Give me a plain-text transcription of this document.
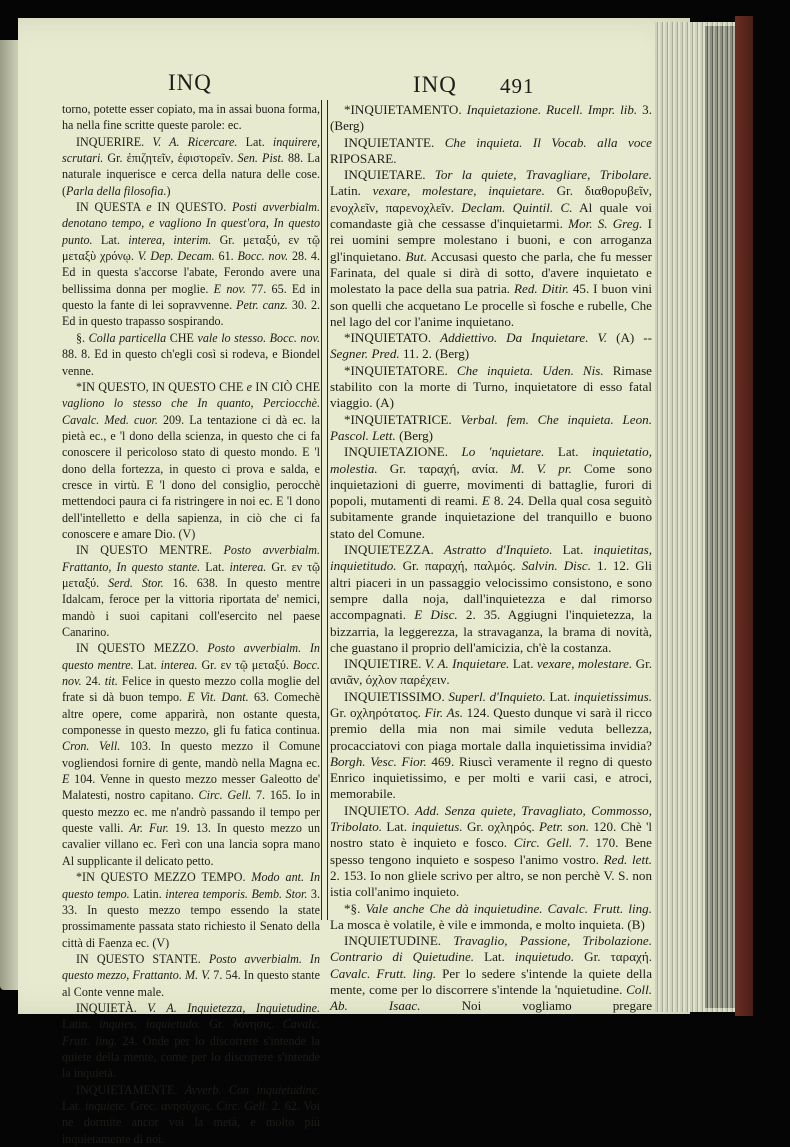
INQ	INQ 491

torno, potette esser copiato, ma in assai buona forma, ha nella fine scritte queste parole: ec.

INQUERIRE. V. A. Ricercare. Lat. inquirere, scrutari. Gr. ἐπιζητεῖν, ἐφιστορεῖν. Sen. Pist. 88. La naturale inquerisce e cerca della natura delle cose. (Parla della filosofia.)

IN QUESTA e IN QUESTO. Posti avverbialm. denotano tempo, e vagliono In quest'ora, In questo punto. Lat. interea, interim. Gr. μεταξύ, εν τῷ μεταξὺ χρόνῳ. V. Dep. Decam. 61. Bocc. nov. 28. 4. Ed in questa s'accorse l'abate, Ferondo avere una bellissima donna per moglie. E nov. 77. 65. Ed in questo la fante di lei sopravvenne. Petr. canz. 30. 2. Ed in questo trapasso sospirando.

§. Colla particella CHE vale lo stesso. Bocc. nov. 88. 8. Ed in questo ch'egli così si rodeva, e Biondel venne.

*IN QUESTO, IN QUESTO CHE e IN CIÒ CHE vagliono lo stesso che In quanto, Perciocchè. Cavalc. Med. cuor. 209. La tentazione ci dà ec. la pietà ec., e 'l dono della scienza, in questo che ci fa conoscere il pericoloso stato di questo mondo. E 'l dono della fortezza, in questo ci prova e salda, e cresce in virtù. E 'l dono del consiglio, perocchè mettendoci paura ci fa ristringere in noi ec. E 'l dono dell'intelletto e della sapienza, in ciò che ci fa conoscere e amare Dio. (V)

IN QUESTO MENTRE. Posto avverbialm. Frattanto, In questo stante. Lat. interea. Gr. εν τῷ μεταξύ. Serd. Stor. 16. 638. In questo mentre Idalcam, feroce per la vittoria riportata de' nemici, mandò i suoi capitani coll'esercito nel paese Canarino.

IN QUESTO MEZZO. Posto avverbialm. In questo mentre. Lat. interea. Gr. εν τῷ μεταξύ. Bocc. nov. 24. tit. Felice in questo mezzo colla moglie del frate si dà buon tempo. E Vit. Dant. 63. Comechè altre opere, come apparirà, non ostante questa, componesse in questo mezzo, gli fu fatica continua. Cron. Vell. 103. In questo mezzo il Comune vogliendosi fornire di gente, mandò nella Magna ec. E 104. Venne in questo mezzo messer Galeotto de' Malatesti, nostro capitano. Circ. Gell. 7. 165. Io in questo mezzo ec. me n'andrò passando il tempo per queste valli. Ar. Fur. 19. 13. In questo mezzo un cavalier villano ec. Ferì con una lancia sopra mano Al supplicante il delicato petto.

*IN QUESTO MEZZO TEMPO. Modo ant. In questo tempo. Latin. interea temporis. Bemb. Stor. 3. 33. In questo mezzo tempo essendo la state prossimamente passata stato richiesto il Senato della città di Faenza ec. (V)

IN QUESTO STANTE. Posto avverbialm. In questo mezzo, Frattanto. M. V. 7. 54. In questo stante al Conte venne male.

INQUIETÀ. V. A. Inquietezza, Inquietudine. Latin. inquies, inquietudo. Gr. δόνησις. Cavalc. Frutt. ling. 24. Onde per lo discorrere s'intende la quiete della mente, come per lo discorrere s'intende la inquietà.

INQUIETAMENTE. Avverb. Con inquietudine. Lat. inquiete. Grec. ανησύχως. Circ. Gell. 2. 62. Voi ne dormite ancor voi la metà, e molto più inquietamente di noi.

*INQUIETAMENTO. Inquietazione. Rucell. Impr. lib. 3. (Berg)

INQUIETANTE. Che inquieta. Il Vocab. alla voce RIPOSARE.

INQUIETARE. Tor la quiete, Travagliare, Tribolare. Latin. vexare, molestare, inquietare. Gr. διαθορυβεῖν, ενοχλεῖν, παρενοχλεῖν. Declam. Quintil. C. Al quale voi comandaste già che cessasse d'inquietarmi. Mor. S. Greg. I rei uomini sempre molestano i buoni, e con arroganza gl'inquietano. But. Accusasi questo che parla, che fu messer Farinata, del quale si dirà di sotto, d'avere inquietato e molestato la pace della sua patria. Red. Ditir. 45. I buon vini son quelli che acquetano Le procelle sì fosche e rubelle, Che nel lago del cor l'anime inquietano.

*INQUIETATO. Addiettivo. Da Inquietare. V. (A) -- Segner. Pred. 11. 2. (Berg)

*INQUIETATORE. Che inquieta. Uden. Nis. Rimase stabilito con la morte di Turno, inquietatore di esso fatal viaggio. (A)

*INQUIETATRICE. Verbal. fem. Che inquieta. Leon. Pascol. Lett. (Berg)

INQUIETAZIONE. Lo 'nquietare. Lat. inquietatio, molestia. Gr. ταραχή, ανία. M. V. pr. Come sono inquietazioni di guerre, movimenti di battaglie, furori di popoli, mutamenti di reami. E 8. 24. Della qual cosa seguitò subitamente grande inquietazione del tranquillo e buono stato del Comune.

INQUIETEZZA. Astratto d'Inquieto. Lat. inquietitas, inquietitudo. Gr. παραχή, παλμός. Salvin. Disc. 1. 12. Gli altri piaceri in un passaggio velocissimo consistono, e sono sempre dalla noja, dall'inquietezza e dal rimorso accompagnati. E Disc. 2. 35. Aggiugni l'inquietezza, la bizzarria, la leggerezza, la stravaganza, la brama di novità, che guastano il proprio dell'amicizia, ch'è la costanza.

INQUIETIRE. V. A. Inquietare. Lat. vexare, molestare. Gr. ανιᾶν, όχλον παρέχειν.

INQUIETISSIMO. Superl. d'Inquieto. Lat. inquietissimus. Gr. οχληρότατος. Fir. As. 124. Questo dunque vi sarà il ricco premio della mia non mai simile veduta bellezza, procacciatovi con piaga mortale dalla inquietissima invidia? Borgh. Vesc. Fior. 469. Riuscì veramente il regno di questo Enrico inquietissimo, e per molti e varii casi, e atroci, memorabile.

INQUIETO. Add. Senza quiete, Travagliato, Commosso, Tribolato. Lat. inquietus. Gr. οχληρός. Petr. son. 120. Chè 'l nostro stato è inquieto e fosco. Circ. Gell. 7. 170. Bene spesso tengono inquieto e sospeso l'animo vostro. Red. lett. 2. 153. Io non gliele scrivo per altro, se non perchè V. S. non istia coll'animo inquieto.

*§. Vale anche Che dà inquietudine. Cavalc. Frutt. ling. La mosca è volatile, è vile e immonda, e molto inquieta. (B)

INQUIETUDINE. Travaglio, Passione, Tribolazione. Contrario di Quietudine. Lat. inquietudo. Gr. ταραχή. Cavalc. Frutt. ling. Per lo sedere s'intende la quiete della mente, come per lo discorrere s'intende la 'nquietudine. Coll. Ab. Isaac. Noi vogliamo pregare
